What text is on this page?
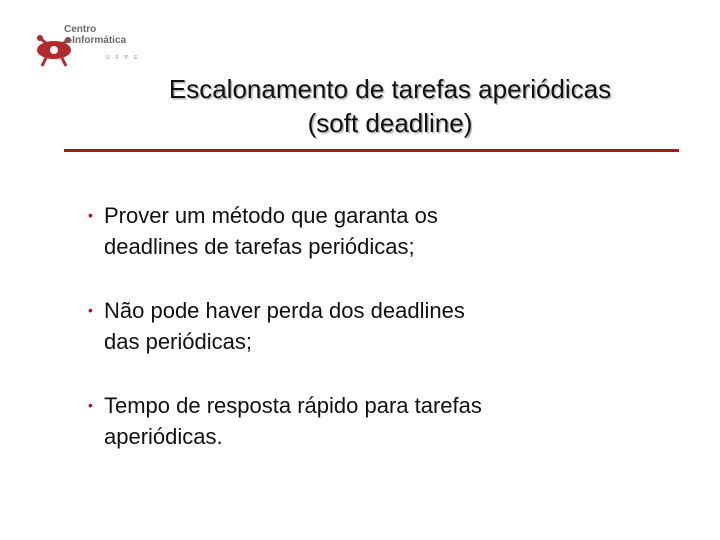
Centro
deInformática
UFPE
Escalonamento de tarefas aperiódicas
(soft deadline)
• Prover um método que garanta os
deadlines de tarefas periódicas;
• Não pode haver perda dos deadlines
das periódicas;
• Tempo de resposta rápido para tarefas
aperiódicas.
